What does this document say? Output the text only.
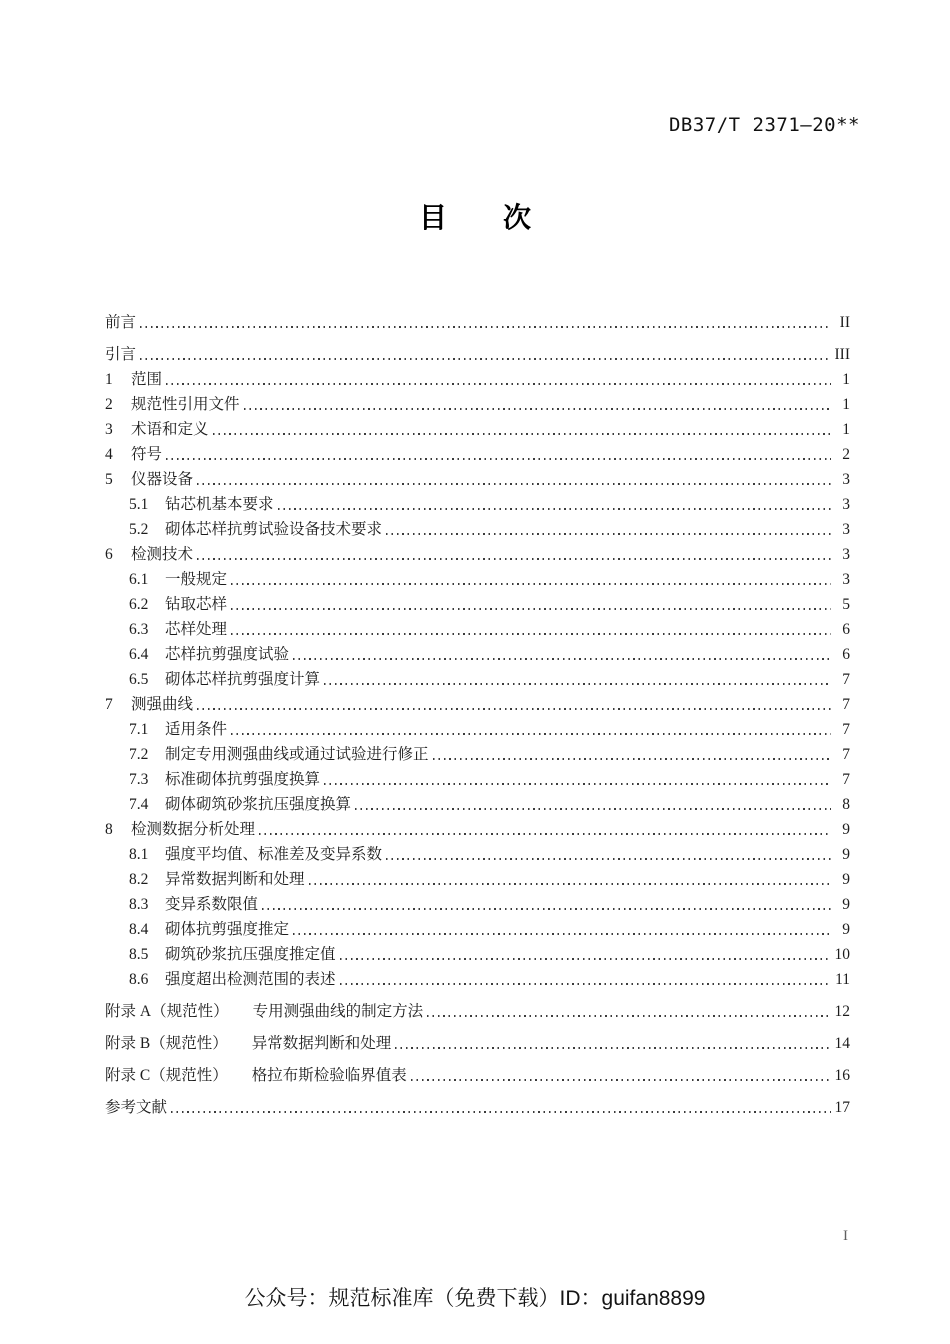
DB37/T 2371—20**
目　　次
前言	II
引言	III
1	范围	1
2	规范性引用文件	1
3	术语和定义	1
4	符号	2
5	仪器设备	3
5.1	钻芯机基本要求	3
5.2	砌体芯样抗剪试验设备技术要求	3
6	检测技术	3
6.1	一般规定	3
6.2	钻取芯样	5
6.3	芯样处理	6
6.4	芯样抗剪强度试验	6
6.5	砌体芯样抗剪强度计算	7
7	测强曲线	7
7.1	适用条件	7
7.2	制定专用测强曲线或通过试验进行修正	7
7.3	标准砌体抗剪强度换算	7
7.4	砌体砌筑砂浆抗压强度换算	8
8	检测数据分析处理	9
8.1	强度平均值、标准差及变异系数	9
8.2	异常数据判断和处理	9
8.3	变异系数限值	9
8.4	砌体抗剪强度推定	9
8.5	砌筑砂浆抗压强度推定值	10
8.6	强度超出检测范围的表述	11
附录 A（规范性） 专用测强曲线的制定方法	12
附录 B（规范性） 异常数据判断和处理	14
附录 C（规范性） 格拉布斯检验临界值表	16
参考文献	17
I
公众号：规范标准库（免费下载）ID：guifan8899
